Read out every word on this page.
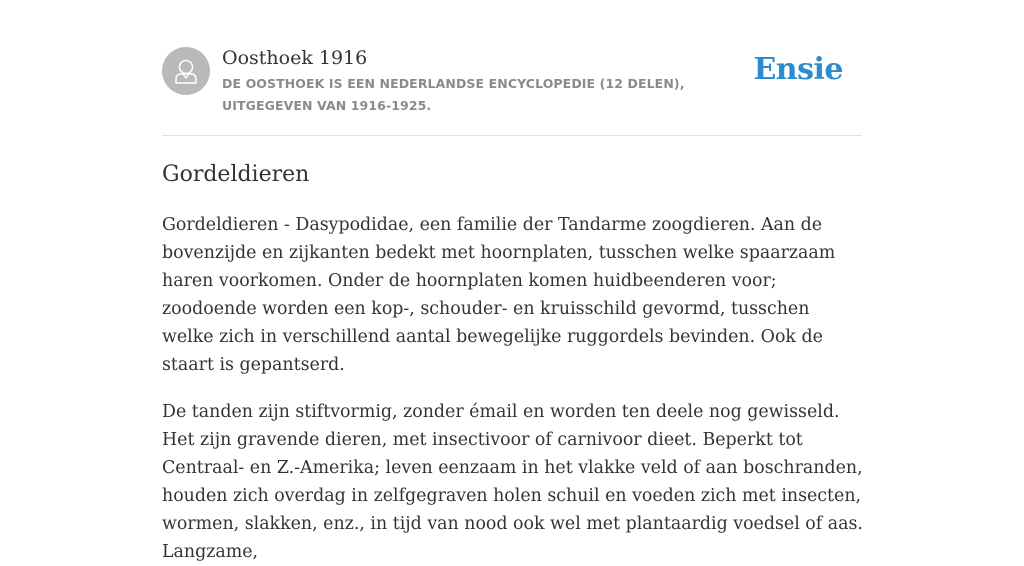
Oosthoek 1916
DE OOSTHOEK IS EEN NEDERLANDSE ENCYCLOPEDIE (12 DELEN), UITGEGEVEN VAN 1916-1925.
Ensie
Gordeldieren

Gordeldieren - Dasypodidae, een familie der Tandarme zoogdieren. Aan de bovenzijde en zijkanten bedekt met hoornplaten, tusschen welke spaarzaam haren voorkomen. Onder de hoornplaten komen huidbeenderen voor; zoodoende worden een kop-, schouder- en kruisschild gevormd, tusschen welke zich in verschillend aantal bewegelijke ruggordels bevinden. Ook de staart is gepantserd.

De tanden zijn stiftvormig, zonder émail en worden ten deele nog gewisseld. Het zijn gravende dieren, met insectivoor of carnivoor dieet. Beperkt tot Centraal- en Z.-Amerika; leven eenzaam in het vlakke veld of aan boschranden, houden zich overdag in zelfgegraven holen schuil en voeden zich met insecten, wormen, slakken, enz., in tijd van nood ook wel met plantaardig voedsel of aas. Langzame,
